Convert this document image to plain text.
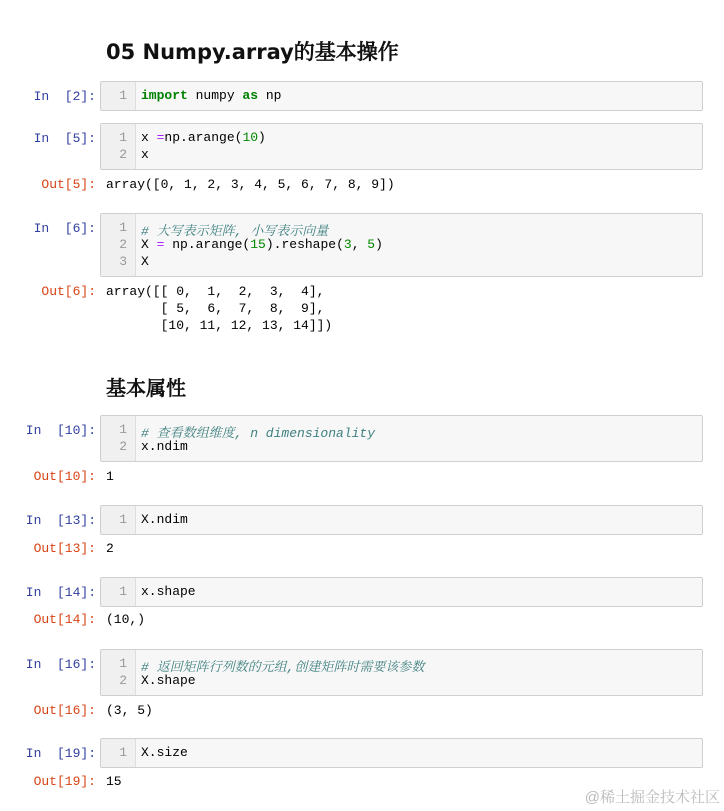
05 Numpy.array的基本操作
基本属性
In  [2]: 1 import numpy as np
In  [5]: 1
2
x =np.arange(10)
x
Out[5]: array([0, 1, 2, 3, 4, 5, 6, 7, 8, 9])
In  [6]: 1
2
3
# 大写表示矩阵, 小写表示向量
X = np.arange(15).reshape(3, 5)
X
Out[6]: array([[ 0,  1,  2,  3,  4],
[ 5,  6,  7,  8,  9],
[10, 11, 12, 13, 14]])
In  [10]: 1
2
# 查看数组维度, n dimensionality
x.ndim
Out[10]: 1
In  [13]: 1 X.ndim
Out[13]: 2
In  [14]: 1 x.shape
Out[14]: (10,)
In  [16]: 1
2
# 返回矩阵行列数的元组,创建矩阵时需要该参数
X.shape
Out[16]: (3, 5)
In  [19]: 1 X.size
Out[19]: 15
@稀土掘金技术社区
